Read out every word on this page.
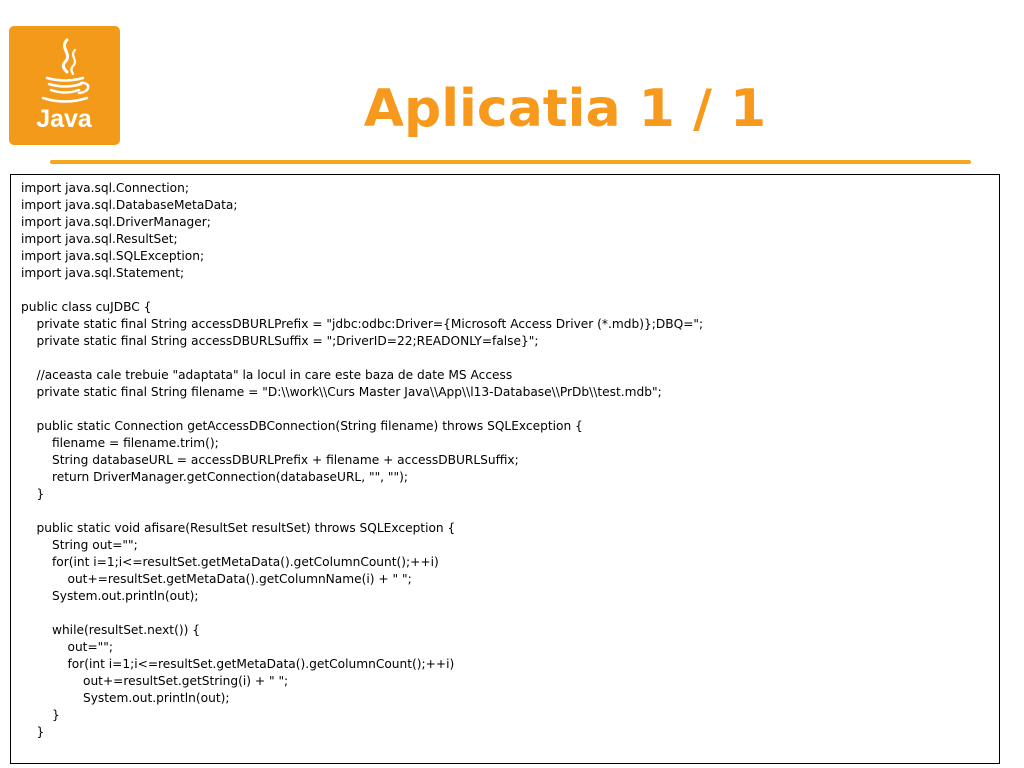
Java	Aplicatia 1 / 1
import java.sql.Connection;
import java.sql.DatabaseMetaData;
import java.sql.DriverManager;
import java.sql.ResultSet;
import java.sql.SQLException;
import java.sql.Statement;
public class cuJDBC {
private static final String accessDBURLPrefix = "jdbc:odbc:Driver={Microsoft Access Driver (*.mdb)};DBQ=";
private static final String accessDBURLSuffix = ";DriverID=22;READONLY=false}";
//aceasta cale trebuie "adaptata" la locul in care este baza de date MS Access
private static final String filename = "D:\\work\\Curs Master Java\\App\\l13-Database\\PrDb\\test.mdb";
public static Connection getAccessDBConnection(String filename) throws SQLException {
filename = filename.trim();
String databaseURL = accessDBURLPrefix + filename + accessDBURLSuffix;
return DriverManager.getConnection(databaseURL, "", "");
}
public static void afisare(ResultSet resultSet) throws SQLException {
String out="";
for(int i=1;i<=resultSet.getMetaData().getColumnCount();++i)
out+=resultSet.getMetaData().getColumnName(i) + " ";
System.out.println(out);
while(resultSet.next()) {
out="";
for(int i=1;i<=resultSet.getMetaData().getColumnCount();++i)
out+=resultSet.getString(i) + " ";
System.out.println(out);
}
}
